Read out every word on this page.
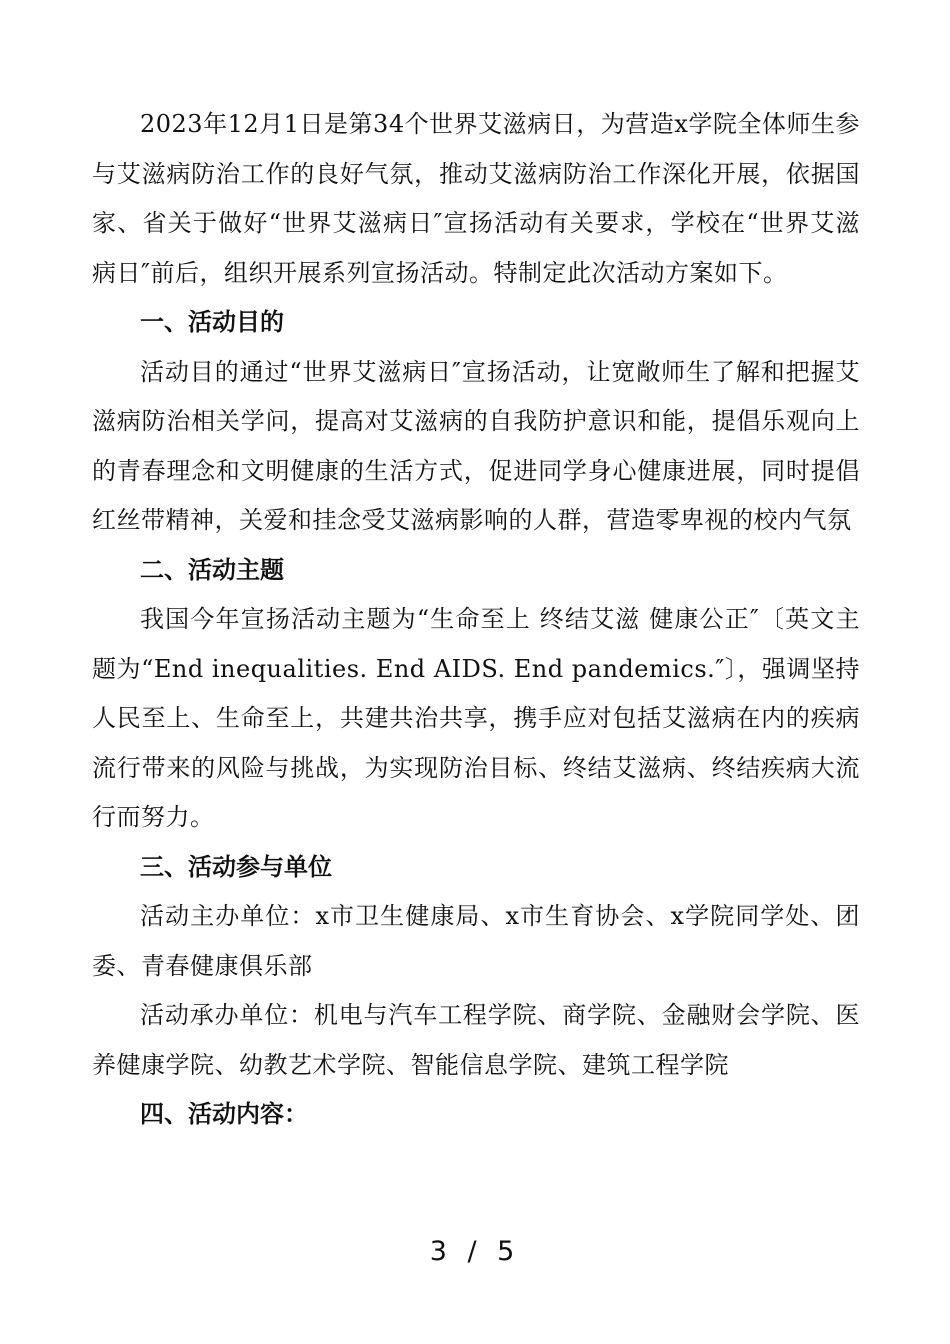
2023年12月1日是第34个世界艾滋病日，为营造x学院全体师生参与艾滋病防治工作的良好气氛，推动艾滋病防治工作深化开展，依据国家、省关于做好“世界艾滋病日″宣扬活动有关要求，学校在“世界艾滋病日″前后，组织开展系列宣扬活动。特制定此次活动方案如下。

一、活动目的

活动目的通过“世界艾滋病日″宣扬活动，让宽敞师生了解和把握艾滋病防治相关学问，提高对艾滋病的自我防护意识和能，提倡乐观向上的青春理念和文明健康的生活方式，促进同学身心健康进展，同时提倡红丝带精神，关爱和挂念受艾滋病影响的人群，营造零卑视的校内气氛

二、活动主题

我国今年宣扬活动主题为“生命至上 终结艾滋 健康公正″〔英文主题为“End inequalities. End AIDS. End pandemics.″〕，强调坚持人民至上、生命至上，共建共治共享，携手应对包括艾滋病在内的疾病流行带来的风险与挑战，为实现防治目标、终结艾滋病、终结疾病大流行而努力。

三、活动参与单位

活动主办单位：x市卫生健康局、x市生育协会、x学院同学处、团委、青春健康俱乐部

活动承办单位：机电与汽车工程学院、商学院、金融财会学院、医养健康学院、幼教艺术学院、智能信息学院、建筑工程学院

四、活动内容：

3 / 5
